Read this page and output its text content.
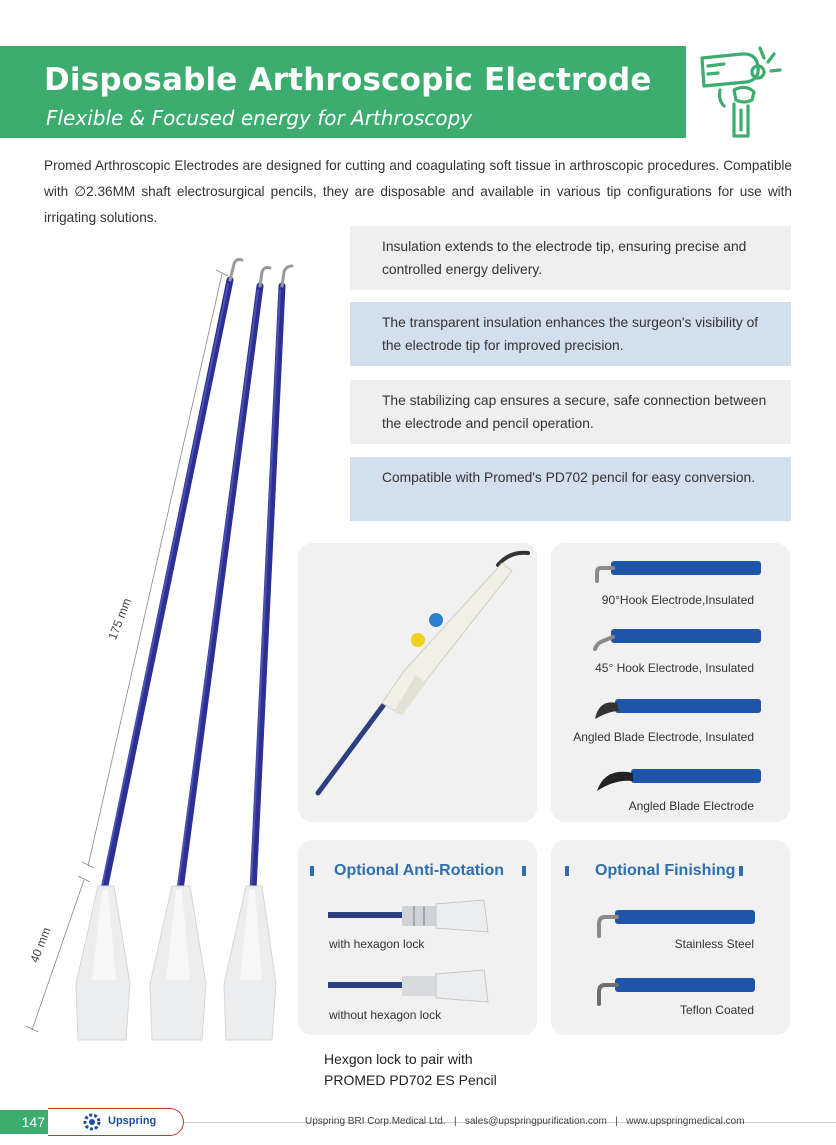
Disposable Arthroscopic Electrode
Flexible & Focused energy for Arthroscopy
Promed Arthroscopic Electrodes are designed for cutting and coagulating soft tissue in arthroscopic procedures. Compatible with ∅2.36MM shaft electrosurgical pencils, they are disposable and available in various tip configurations for use with irrigating solutions.
Insulation extends to the electrode tip, ensuring precise and controlled energy delivery.
The transparent insulation enhances the surgeon's visibility of the electrode tip for improved precision.
The stabilizing cap ensures a secure, safe connection between the electrode and pencil operation.
Compatible with Promed's PD702 pencil for easy conversion.
175 mm
40 mm
90°Hook Electrode,Insulated
45° Hook Electrode, Insulated
Angled Blade Electrode, Insulated
Angled Blade Electrode
Optional Anti-Rotation
with hexagon lock
without hexagon lock
Optional Finishing
Stainless Steel
Teflon Coated
Hexgon lock to pair with
PROMED PD702 ES Pencil
147	Upspring	Upspring BRI Corp.Medical Ltd. | sales@upspringpurification.com | www.upspringmedical.com
